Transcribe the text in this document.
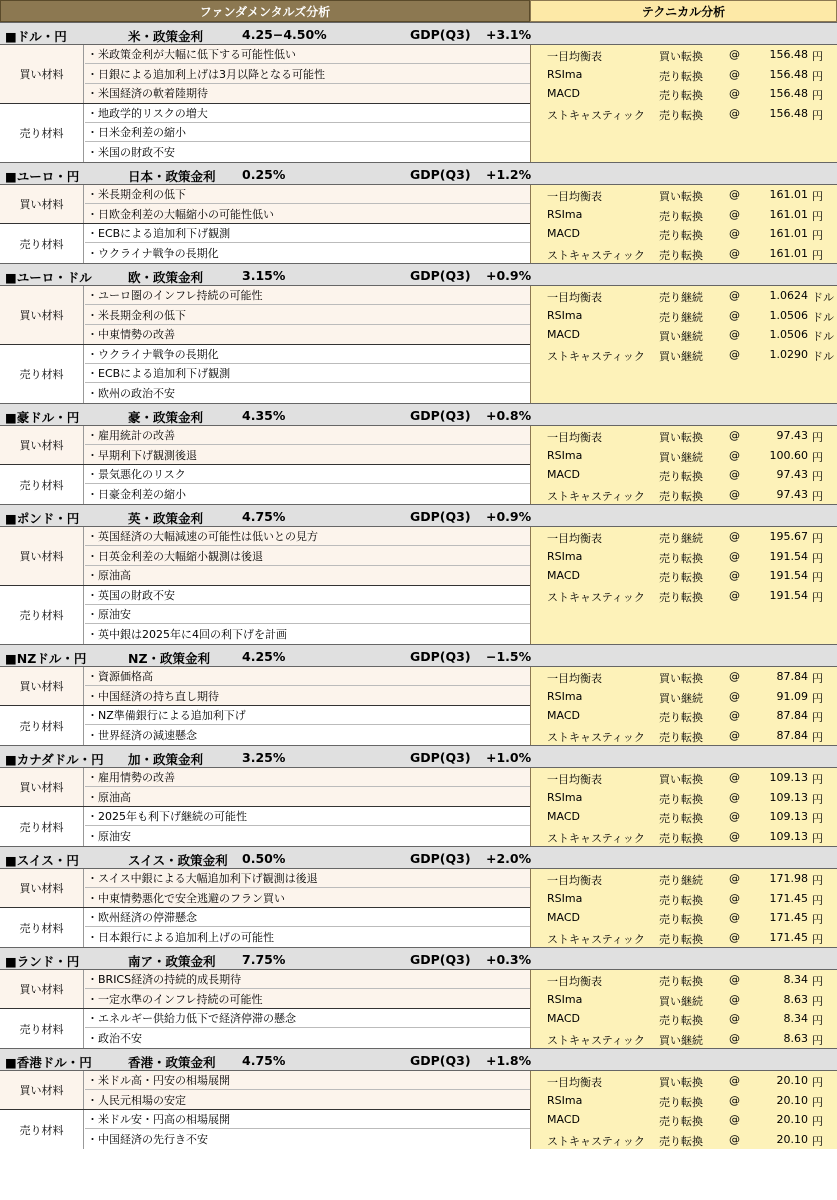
ファンダメンタルズ分析	テクニカル分析
■ドル・円	米・政策金利	4.25−4.50%	GDP(Q3) +3.1%
買い材料
・米政策金利が大幅に低下する可能性低い
・日銀による追加利上げは3月以降となる可能性
・米国経済の軟着陸期待
売り材料
・地政学的リスクの増大
・日米金利差の縮小
・米国の財政不安
一目均衡表	買い転換 @	156.48 円
RSIma	売り転換 @	156.48 円
MACD	売り転換 @	156.48 円
ストキャスティック 売り転換 @	156.48 円
■ユーロ・円	日本・政策金利 0.25%	GDP(Q3) +1.2%
買い材料
・米長期金利の低下
・日欧金利差の大幅縮小の可能性低い
売り材料
・ECBによる追加利下げ観測
・ウクライナ戦争の長期化
一目均衡表	買い転換 @	161.01 円
RSIma	売り転換 @	161.01 円
MACD	売り転換 @	161.01 円
ストキャスティック 売り転換 @	161.01 円
■ユーロ・ドル	欧・政策金利	3.15%	GDP(Q3) +0.9%
買い材料
・ユーロ圏のインフレ持続の可能性
・米長期金利の低下
・中東情勢の改善
売り材料
・ウクライナ戦争の長期化
・ECBによる追加利下げ観測
・欧州の政治不安
一目均衡表	売り継続 @	1.0624 ドル
RSIma	売り継続 @	1.0506 ドル
MACD	買い継続 @	1.0506 ドル
ストキャスティック 買い継続 @	1.0290 ドル
■豪ドル・円	豪・政策金利	4.35%	GDP(Q3) +0.8%
買い材料
・雇用統計の改善
・早期利下げ観測後退
売り材料
・景気悪化のリスク
・日豪金利差の縮小
一目均衡表	買い転換 @	97.43 円
RSIma	買い継続 @	100.60 円
MACD	売り転換 @	97.43 円
ストキャスティック 売り転換 @	97.43 円
■ポンド・円	英・政策金利	4.75%	GDP(Q3) +0.9%
買い材料
・英国経済の大幅減速の可能性は低いとの見方
・日英金利差の大幅縮小観測は後退
・原油高
売り材料
・英国の財政不安
・原油安
・英中銀は2025年に4回の利下げを計画
一目均衡表	売り継続 @	195.67 円
RSIma	売り転換 @	191.54 円
MACD	売り転換 @	191.54 円
ストキャスティック 売り転換 @	191.54 円
■NZドル・円	NZ・政策金利	4.25%	GDP(Q3) −1.5%
買い材料
・資源価格高
・中国経済の持ち直し期待
売り材料
・NZ準備銀行による追加利下げ
・世界経済の減速懸念
一目均衡表	買い転換 @	87.84 円
RSIma	買い継続 @	91.09 円
MACD	売り転換 @	87.84 円
ストキャスティック 売り転換 @	87.84 円
■カナダドル・円 加・政策金利	3.25%	GDP(Q3) +1.0%
買い材料
・雇用情勢の改善
・原油高
売り材料
・2025年も利下げ継続の可能性
・原油安
一目均衡表	買い転換 @	109.13 円
RSIma	売り転換 @	109.13 円
MACD	売り転換 @	109.13 円
ストキャスティック 売り転換 @	109.13 円
■スイス・円	スイス・政策金利 0.50%	GDP(Q3) +2.0%
買い材料
・スイス中銀による大幅追加利下げ観測は後退
・中東情勢悪化で安全逃避のフラン買い
売り材料
・欧州経済の停滞懸念
・日本銀行による追加利上げの可能性
一目均衡表	売り継続 @	171.98 円
RSIma	売り転換 @	171.45 円
MACD	売り転換 @	171.45 円
ストキャスティック 売り転換 @	171.45 円
■ランド・円	南ア・政策金利 7.75%	GDP(Q3) +0.3%
買い材料
・BRICS経済の持続的成長期待
・一定水準のインフレ持続の可能性
売り材料
・エネルギー供給力低下で経済停滞の懸念
・政治不安
一目均衡表	売り転換 @	8.34 円
RSIma	買い継続 @	8.63 円
MACD	売り転換 @	8.34 円
ストキャスティック 買い継続 @	8.63 円
■香港ドル・円	香港・政策金利 4.75%	GDP(Q3) +1.8%
買い材料
・米ドル高・円安の相場展開
・人民元相場の安定
売り材料
・米ドル安・円高の相場展開
・中国経済の先行き不安
一目均衡表	買い転換 @	20.10 円
RSIma	売り転換 @	20.10 円
MACD	売り転換 @	20.10 円
ストキャスティック 売り転換 @	20.10 円
